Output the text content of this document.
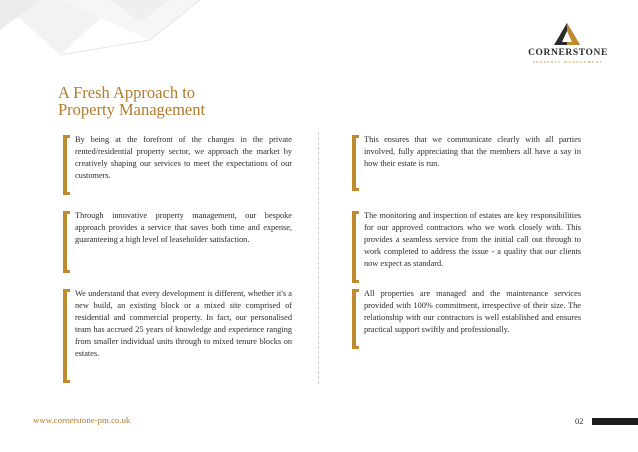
CORNERSTONE
PROPERTY MANAGEMENT
A Fresh Approach to
Property Management
By being at the forefront of the changes in the private rented/residential property sector, we approach the market by creatively shaping our services to meet the expectations of our customers.
Through innovative property management, our bespoke approach provides a service that saves both time and expense, guaranteeing a high level of leaseholder satisfaction.
We understand that every development is different, whether it's a new build, an existing block or a mixed site comprised of residential and commercial property. In fact, our personalised team has accrued 25 years of knowledge and experience ranging from smaller individual units through to mixed tenure blocks on estates.
This ensures that we communicate clearly with all parties involved, fully appreciating that the members all have a say in how their estate is run.
The monitoring and inspection of estates are key responsibilities for our approved contractors who we work closely with. This provides a seamless service from the initial call out through to work completed to address the issue - a quality that our clients now expect as standard.
All properties are managed and the maintenance services provided with 100% commitment, irrespective of their size. The relationship with our contractors is well established and ensures practical support swiftly and professionally.
www.cornerstone-pm.co.uk	02
